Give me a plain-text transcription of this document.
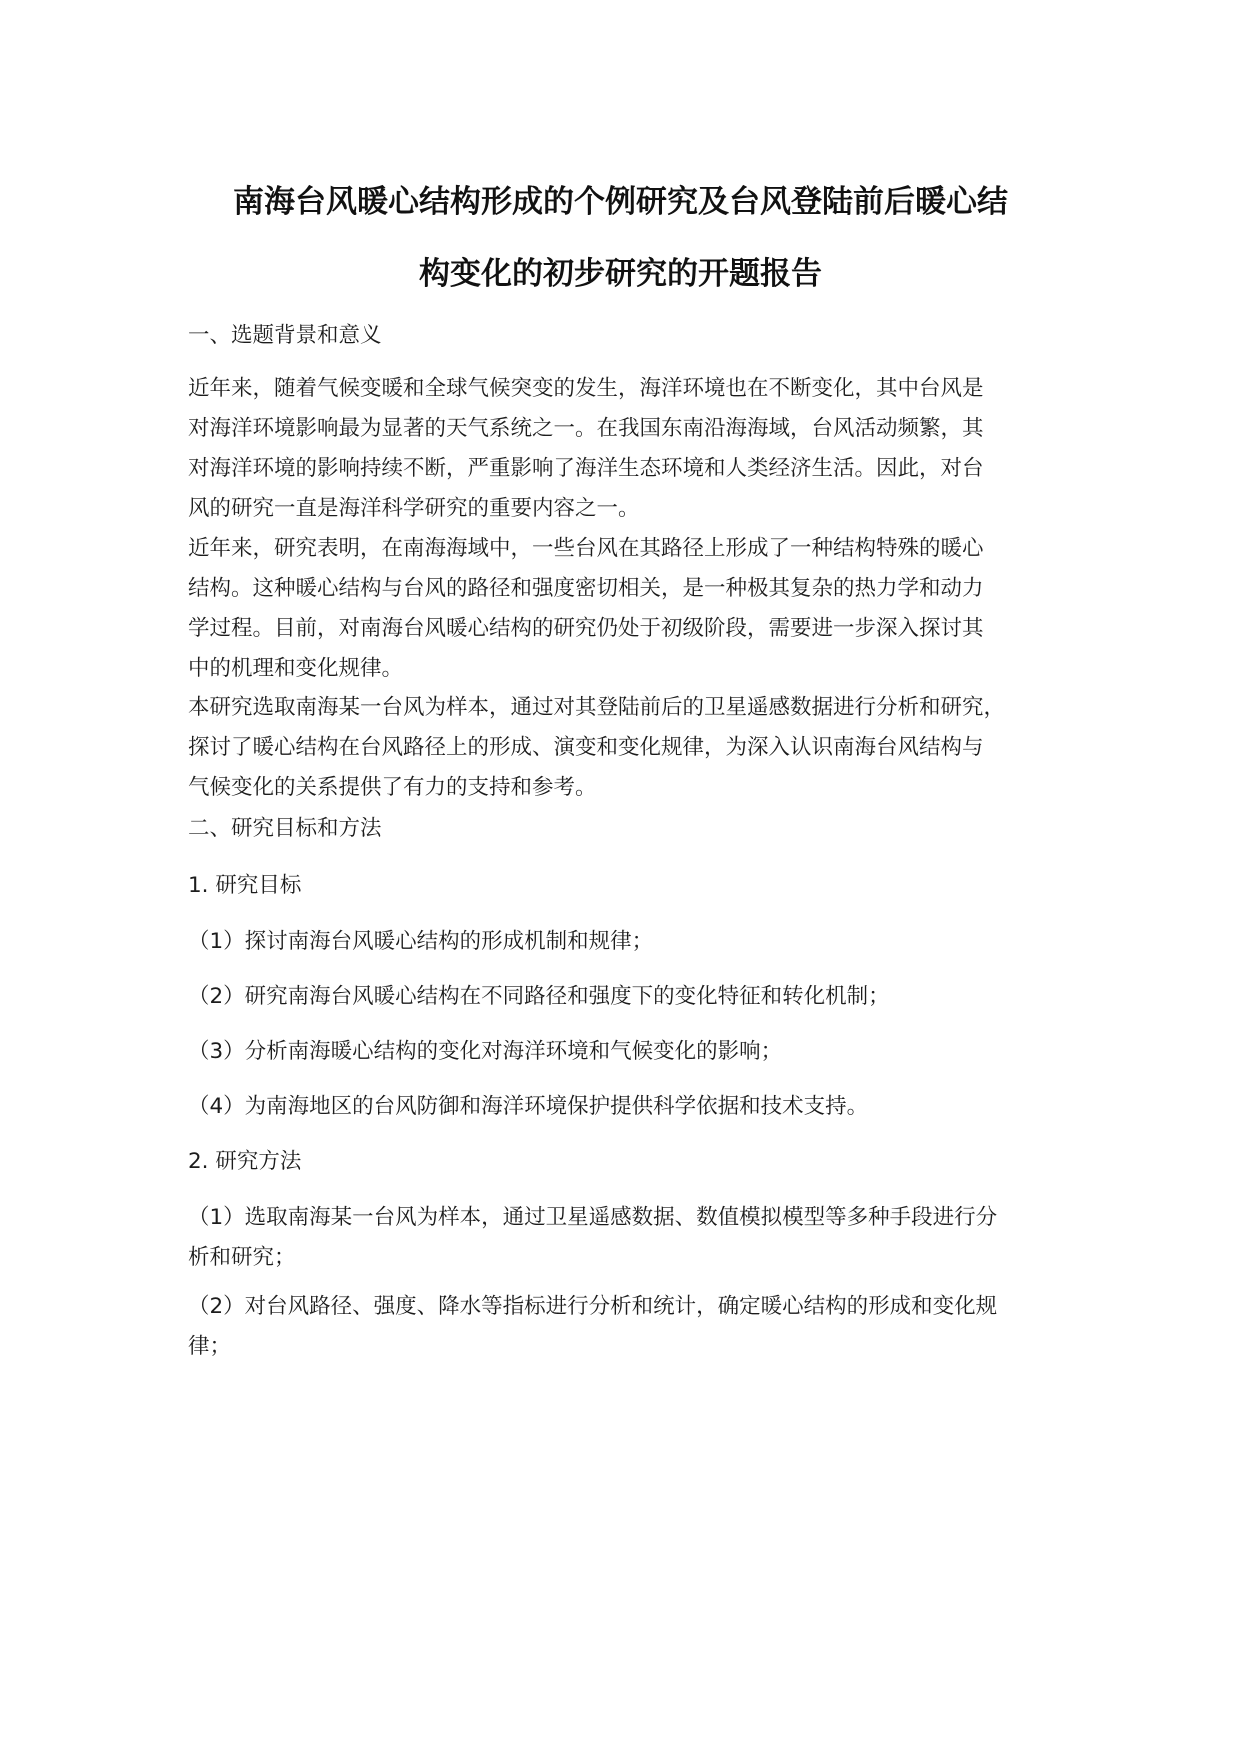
南海台风暖心结构形成的个例研究及台风登陆前后暖心结
构变化的初步研究的开题报告
一、选题背景和意义
近年来，随着气候变暖和全球气候突变的发生，海洋环境也在不断变化，其中台风是
对海洋环境影响最为显著的天气系统之一。在我国东南沿海海域，台风活动频繁，其
对海洋环境的影响持续不断，严重影响了海洋生态环境和人类经济生活。因此，对台
风的研究一直是海洋科学研究的重要内容之一。
近年来，研究表明，在南海海域中，一些台风在其路径上形成了一种结构特殊的暖心
结构。这种暖心结构与台风的路径和强度密切相关，是一种极其复杂的热力学和动力
学过程。目前，对南海台风暖心结构的研究仍处于初级阶段，需要进一步深入探讨其
中的机理和变化规律。
本研究选取南海某一台风为样本，通过对其登陆前后的卫星遥感数据进行分析和研究，
探讨了暖心结构在台风路径上的形成、演变和变化规律，为深入认识南海台风结构与
气候变化的关系提供了有力的支持和参考。
二、研究目标和方法
1. 研究目标
（1）探讨南海台风暖心结构的形成机制和规律；
（2）研究南海台风暖心结构在不同路径和强度下的变化特征和转化机制；
（3）分析南海暖心结构的变化对海洋环境和气候变化的影响；
（4）为南海地区的台风防御和海洋环境保护提供科学依据和技术支持。
2. 研究方法
（1）选取南海某一台风为样本，通过卫星遥感数据、数值模拟模型等多种手段进行分
析和研究；
（2）对台风路径、强度、降水等指标进行分析和统计，确定暖心结构的形成和变化规
律；
